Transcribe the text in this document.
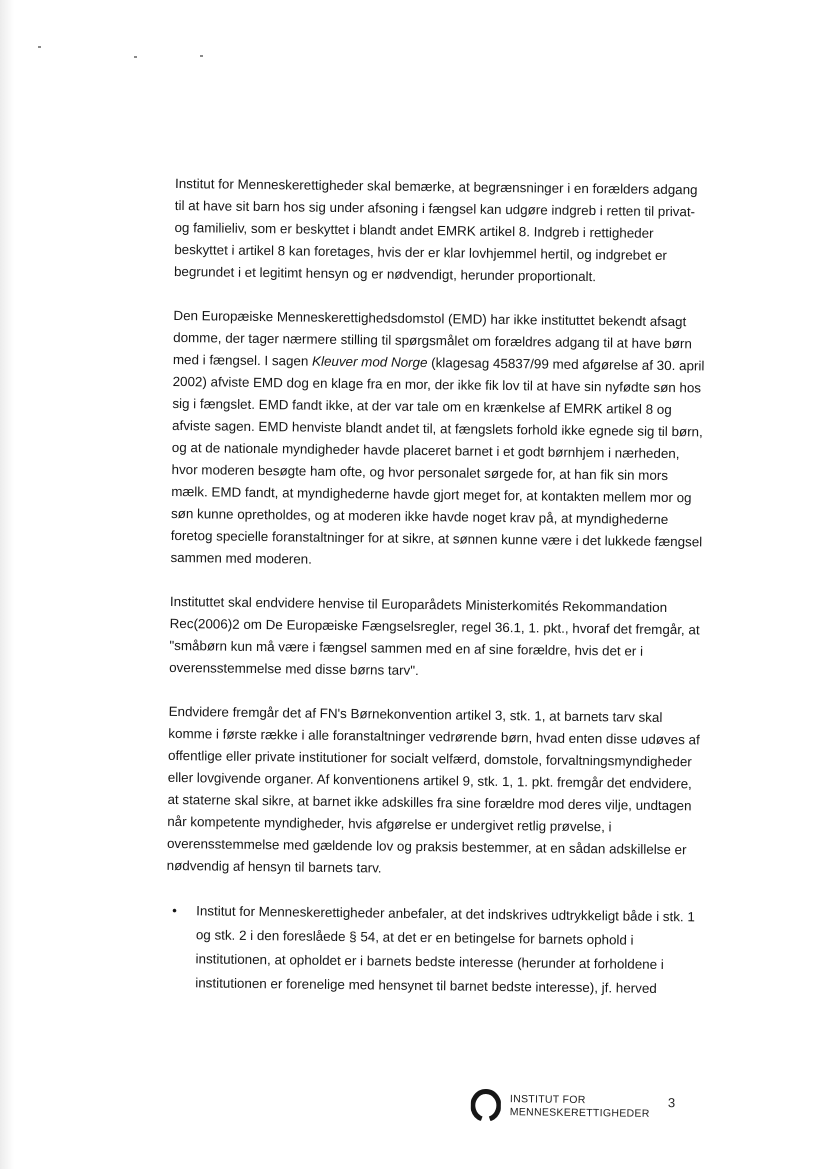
Institut for Menneskerettigheder skal bemærke, at begrænsninger i en forælders adgang til at have sit barn hos sig under afsoning i fængsel kan udgøre indgreb i retten til privat- og familieliv, som er beskyttet i blandt andet EMRK artikel 8. Indgreb i rettigheder beskyttet i artikel 8 kan foretages, hvis der er klar lovhjemmel hertil, og indgrebet er begrundet i et legitimt hensyn og er nødvendigt, herunder proportionalt.

Den Europæiske Menneskerettighedsdomstol (EMD) har ikke instituttet bekendt afsagt domme, der tager nærmere stilling til spørgsmålet om forældres adgang til at have børn med i fængsel. I sagen Kleuver mod Norge (klagesag 45837/99 med afgørelse af 30. april 2002) afviste EMD dog en klage fra en mor, der ikke fik lov til at have sin nyfødte søn hos sig i fængslet. EMD fandt ikke, at der var tale om en krænkelse af EMRK artikel 8 og afviste sagen. EMD henviste blandt andet til, at fængslets forhold ikke egnede sig til børn, og at de nationale myndigheder havde placeret barnet i et godt børnhjem i nærheden, hvor moderen besøgte ham ofte, og hvor personalet sørgede for, at han fik sin mors mælk. EMD fandt, at myndighederne havde gjort meget for, at kontakten mellem mor og søn kunne opretholdes, og at moderen ikke havde noget krav på, at myndighederne foretog specielle foranstaltninger for at sikre, at sønnen kunne være i det lukkede fængsel sammen med moderen.

Instituttet skal endvidere henvise til Europarådets Ministerkomités Rekommandation Rec(2006)2 om De Europæiske Fængselsregler, regel 36.1, 1. pkt., hvoraf det fremgår, at "småbørn kun må være i fængsel sammen med en af sine forældre, hvis det er i overensstemmelse med disse børns tarv".

Endvidere fremgår det af FN's Børnekonvention artikel 3, stk. 1, at barnets tarv skal komme i første række i alle foranstaltninger vedrørende børn, hvad enten disse udøves af offentlige eller private institutioner for socialt velfærd, domstole, forvaltningsmyndigheder eller lovgivende organer. Af konventionens artikel 9, stk. 1, 1. pkt. fremgår det endvidere, at staterne skal sikre, at barnet ikke adskilles fra sine forældre mod deres vilje, undtagen når kompetente myndigheder, hvis afgørelse er undergivet retlig prøvelse, i overensstemmelse med gældende lov og praksis bestemmer, at en sådan adskillelse er nødvendig af hensyn til barnets tarv.

• Institut for Menneskerettigheder anbefaler, at det indskrives udtrykkeligt både i stk. 1 og stk. 2 i den foreslåede § 54, at det er en betingelse for barnets ophold i institutionen, at opholdet er i barnets bedste interesse (herunder at forholdene i institutionen er forenelige med hensynet til barnet bedste interesse), jf. herved
INSTITUT FOR
MENNESKERETTIGHEDER
3
